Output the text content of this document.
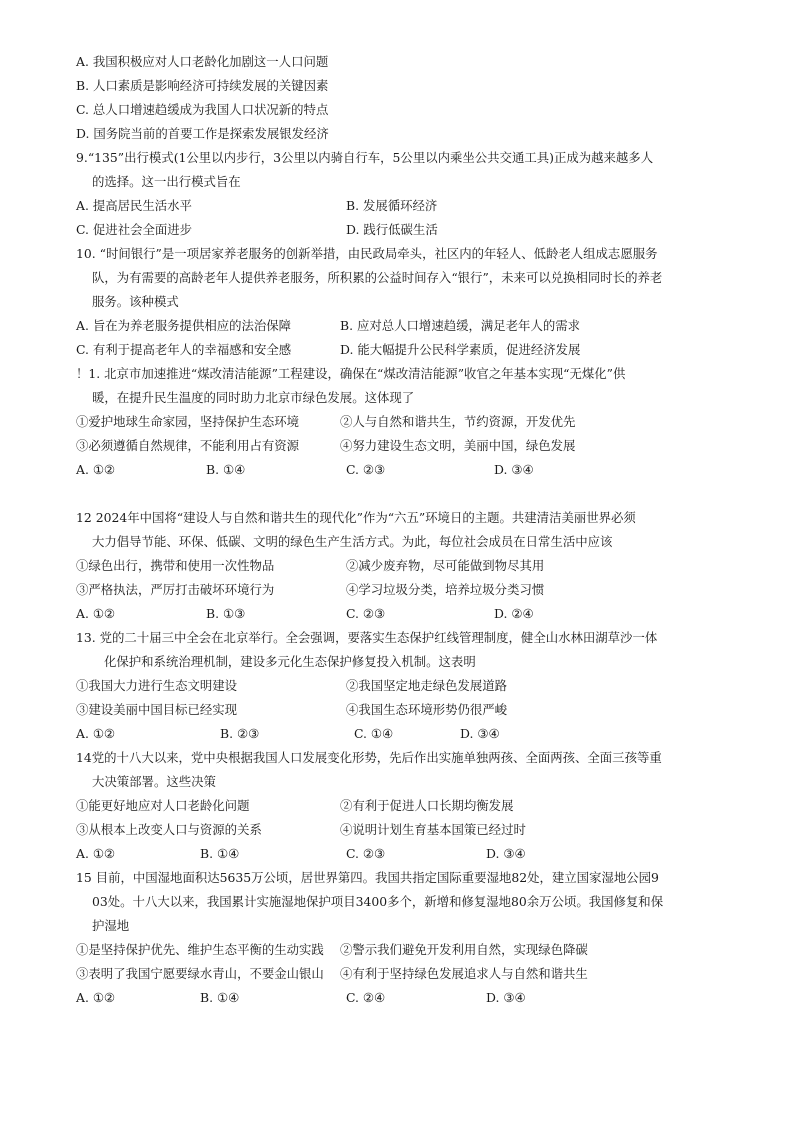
A. 我国积极应对人口老龄化加剧这一人口问题
B. 人口素质是影响经济可持续发展的关键因素
C. 总人口增速趋缓成为我国人口状况新的特点
D. 国务院当前的首要工作是探索发展银发经济
9.“135”出行模式(1公里以内步行，3公里以内骑自行车，5公里以内乘坐公共交通工具)正成为越来越多人
的选择。这一出行模式旨在
A. 提高居民生活水平	B. 发展循环经济
C. 促进社会全面进步	D. 践行低碳生活
10. “时间银行”是一项居家养老服务的创新举措，由民政局牵头，社区内的年轻人、低龄老人组成志愿服务
队，为有需要的高龄老年人提供养老服务，所积累的公益时间存入“银行”，未来可以兑换相同时长的养老
服务。该种模式
A. 旨在为养老服务提供相应的法治保障	B. 应对总人口增速趋缓，满足老年人的需求
C. 有利于提高老年人的幸福感和安全感	D. 能大幅提升公民科学素质，促进经济发展
！1. 北京市加速推进“煤改清洁能源”工程建设，确保在“煤改清洁能源”收官之年基本实现“无煤化”供
暖，在提升民生温度的同时助力北京市绿色发展。这体现了
①爱护地球生命家园，坚持保护生态环境	②人与自然和谐共生，节约资源，开发优先
③必须遵循自然规律，不能利用占有资源	④努力建设生态文明，美丽中国，绿色发展
A. ①②	B. ①④	C. ②③	D. ③④
12 2024年中国将“建设人与自然和谐共生的现代化”作为“六五”环境日的主题。共建清洁美丽世界必须
大力倡导节能、环保、低碳、文明的绿色生产生活方式。为此，每位社会成员在日常生活中应该
①绿色出行，携带和使用一次性物品	②减少废弃物，尽可能做到物尽其用
③严格执法，严厉打击破坏环境行为	④学习垃圾分类，培养垃圾分类习惯
A. ①②	B. ①③	C. ②③	D. ②④
13. 党的二十届三中全会在北京举行。全会强调，要落实生态保护红线管理制度，健全山水林田湖草沙一体
化保护和系统治理机制，建设多元化生态保护修复投入机制。这表明
①我国大力进行生态文明建设	②我国坚定地走绿色发展道路
③建设美丽中国目标已经实现	④我国生态环境形势仍很严峻
A. ①②	B. ②③	C. ①④	D. ③④
14党的十八大以来，党中央根据我国人口发展变化形势，先后作出实施单独两孩、全面两孩、全面三孩等重
大决策部署。这些决策
①能更好地应对人口老龄化问题	②有利于促进人口长期均衡发展
③从根本上改变人口与资源的关系	④说明计划生育基本国策已经过时
A. ①②	B. ①④	C. ②③	D. ③④
15 目前，中国湿地面积达5635万公顷，居世界第四。我国共指定国际重要湿地82处，建立国家湿地公园9
03处。十八大以来，我国累计实施湿地保护项目3400多个，新增和修复湿地80余万公顷。我国修复和保
护湿地
①是坚持保护优先、维护生态平衡的生动实践 ②警示我们避免开发利用自然，实现绿色降碳
③表明了我国宁愿要绿水青山，不要金山银山 ④有利于坚持绿色发展追求人与自然和谐共生
A. ①②	B. ①④	C. ②④	D. ③④
